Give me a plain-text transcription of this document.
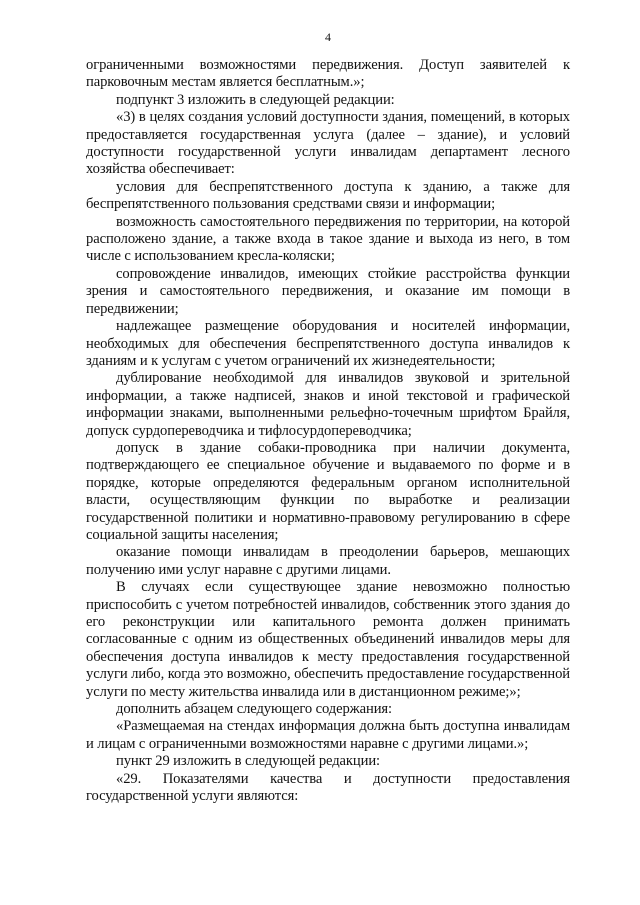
4

ограниченными возможностями передвижения. Доступ заявителей к парковочным местам является бесплатным.»;

подпункт 3 изложить в следующей редакции:

«3) в целях создания условий доступности здания, помещений, в которых предоставляется государственная услуга (далее – здание), и условий доступности государственной услуги инвалидам департамент лесного хозяйства обеспечивает:

условия для беспрепятственного доступа к зданию, а также для беспрепятственного пользования средствами связи и информации;

возможность самостоятельного передвижения по территории, на которой расположено здание, а также входа в такое здание и выхода из него, в том числе с использованием кресла-коляски;

сопровождение инвалидов, имеющих стойкие расстройства функции зрения и самостоятельного передвижения, и оказание им помощи в передвижении;

надлежащее размещение оборудования и носителей информации, необходимых для обеспечения беспрепятственного доступа инвалидов к зданиям и к услугам с учетом ограничений их жизнедеятельности;

дублирование необходимой для инвалидов звуковой и зрительной информации, а также надписей, знаков и иной текстовой и графической информации знаками, выполненными рельефно-точечным шрифтом Брайля, допуск сурдопереводчика и тифлосурдопереводчика;

допуск в здание собаки-проводника при наличии документа, подтверждающего ее специальное обучение и выдаваемого по форме и в порядке, которые определяются федеральным органом исполнительной власти, осуществляющим функции по выработке и реализации государственной политики и нормативно-правовому регулированию в сфере социальной защиты населения;

оказание помощи инвалидам в преодолении барьеров, мешающих получению ими услуг наравне с другими лицами.

В случаях если существующее здание невозможно полностью приспособить с учетом потребностей инвалидов, собственник этого здания до его реконструкции или капитального ремонта должен принимать согласованные с одним из общественных объединений инвалидов меры для обеспечения доступа инвалидов к месту предоставления государственной услуги либо, когда это возможно, обеспечить предоставление государственной услуги по месту жительства инвалида или в дистанционном режиме;»;

дополнить абзацем следующего содержания:

«Размещаемая на стендах информация должна быть доступна инвалидам и лицам с ограниченными возможностями наравне с другими лицами.»;

пункт 29 изложить в следующей редакции:

«29. Показателями качества и доступности предоставления государственной услуги являются:
